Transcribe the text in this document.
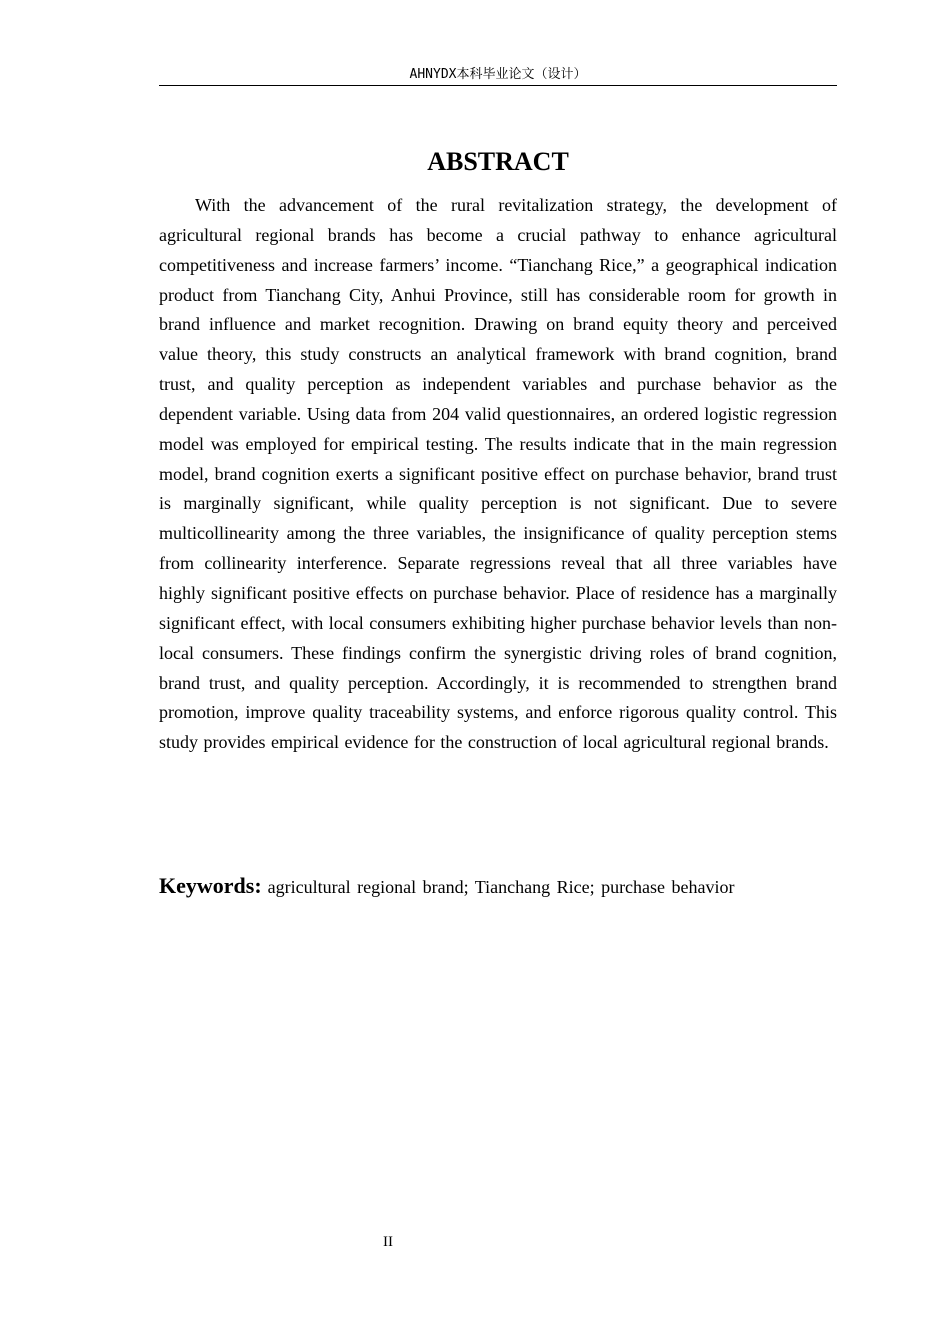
AHNYDX本科毕业论文（设计）
ABSTRACT

With the advancement of the rural revitalization strategy, the development of agricultural regional brands has become a crucial pathway to enhance agricultural competitiveness and increase farmers’ income. “Tianchang Rice,” a geographical indication product from Tianchang City, Anhui Province, still has considerable room for growth in brand influence and market recognition. Drawing on brand equity theory and perceived value theory, this study constructs an analytical framework with brand cognition, brand trust, and quality perception as independent variables and purchase behavior as the dependent variable. Using data from 204 valid questionnaires, an ordered logistic regression model was employed for empirical testing. The results indicate that in the main regression model, brand cognition exerts a significant positive effect on purchase behavior, brand trust is marginally significant, while quality perception is not significant. Due to severe multicollinearity among the three variables, the insignificance of quality perception stems from collinearity interference. Separate regressions reveal that all three variables have highly significant positive effects on purchase behavior. Place of residence has a marginally significant effect, with local consumers exhibiting higher purchase behavior levels than non-local consumers. These findings confirm the synergistic driving roles of brand cognition, brand trust, and quality perception. Accordingly, it is recommended to strengthen brand promotion, improve quality traceability systems, and enforce rigorous quality control. This study provides empirical evidence for the construction of local agricultural regional brands.

Keywords: agricultural regional brand; Tianchang Rice; purchase behavior

II
